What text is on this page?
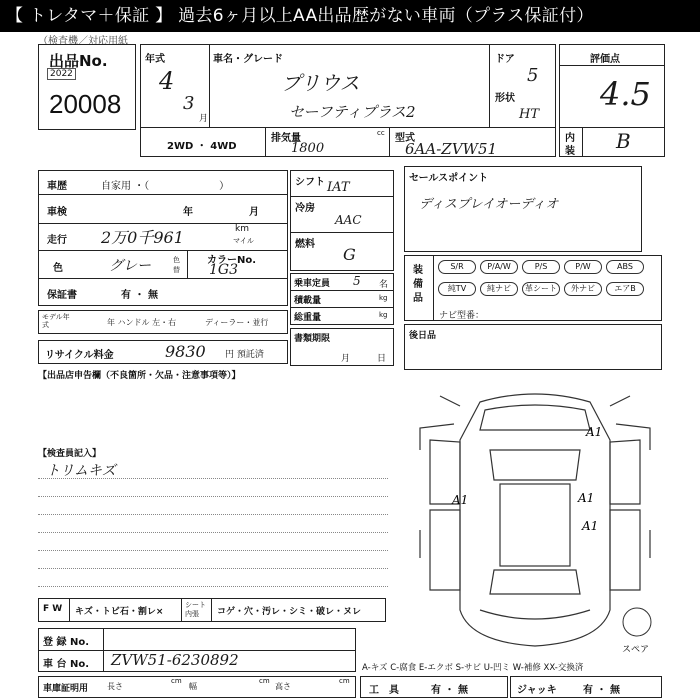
【 トレタマ＋保証 】 過去6ヶ月以上AA出品歴がない車両（プラス保証付）
（検査機／対応用紙
出品No.
2022
20008
年式
4
3
月
車名・グレード
プリウス
セーフティプラス2
ドア
5
形状
HT
2WD ・ 4WD
排気量	cc
1800
型式
6AA-ZVW51
評価点
4.5
内
装 B
車歴	自家用 ・（　　　　　　　）
車検	年	月
走行 2万0千961	km
マイル
色	グレー	色替
カラーNo.
1G3
保証書	有 ・ 無
モデル年式	年 ハンドル 左・右	ディーラー・並行
リサイクル料金	9830 円 預託済
【出品店申告欄（不良箇所・欠品・注意事項等）】
シフト IAT
冷房
AAC
燃料
G
乗車定員 5 名
積載量	kg
総重量	kg
書類期限
月	日
セールスポイント
ディスプレイオーディオ
装備品
ナビ型番：
S/R	P/A/W	P/S	P/W	ABS
純TV	純ナビ	革シート	外ナビ	エアB
後日品
【検査員記入】
トリムキズ
A1
A1
A1
A1
スペア
F W キズ・トビ石・割レ×
シート 内張	コゲ・穴・汚レ・シミ・破レ・ヌレ
登 録 No.
車 台 No. ZVW51-6230892
車庫証明用 長さ
cm
幅
cm
高さ
cm
A-キズ C-腐食 E-エクボ S-サビ U-凹ミ W-補修 XX-交換済
工　具	有 ・ 無	ジャッキ	有 ・ 無
